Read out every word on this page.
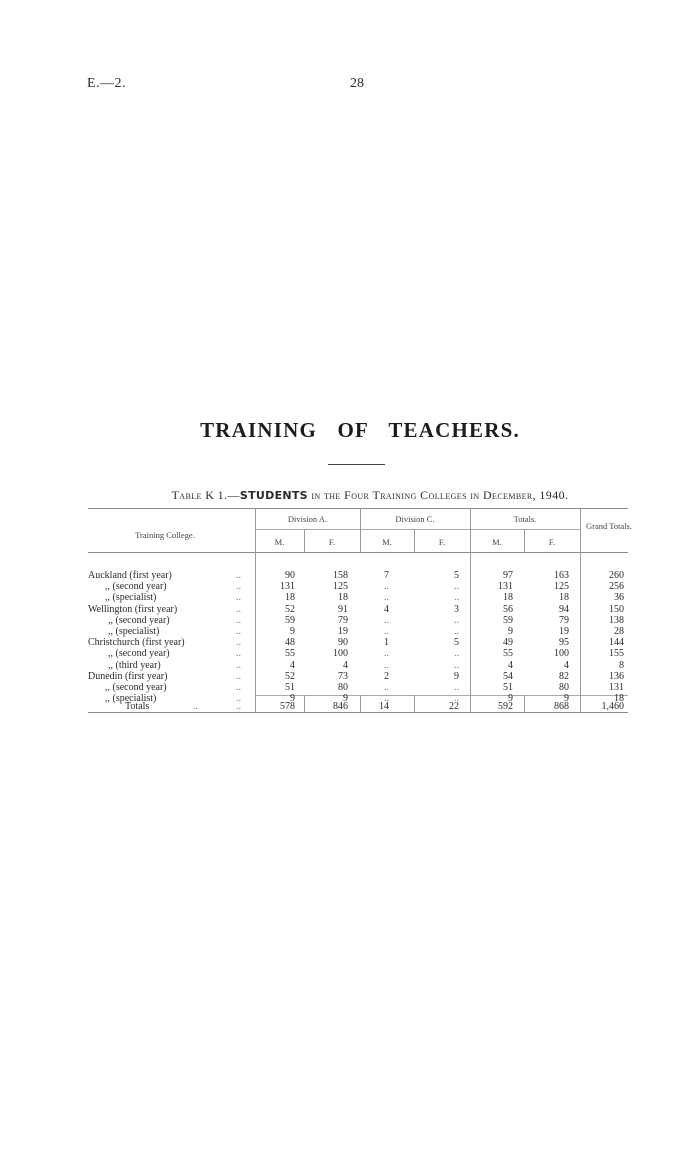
E.—2.	28
TRAINING OF TEACHERS.
Table K 1.—STUDENTS in the Four Training Colleges in December, 1940.
Training College.
Division A.	Division C.	Totals.
Grand Totals.
M.	F.	M.	F.	M.	F.
Auckland (first year)	..	90	158	7	5	97	163	260
,, (second year)	..	131	125	..	..	131	125	256
,, (specialist)	..	18	18	..	..	18	18	36
Wellington (first year)	..	52	91	4	3	56	94	150
,, (second year)	..	59	79	..	..	59	79	138
,, (specialist)	..	9	19	..	..	9	19	28
Christchurch (first year)	..	48	90	1	5	49	95	144
,, (second year)	..	55	100	..	..	55	100	155
,, (third year)	..	4	4	..	..	4	4	8
Dunedin (first year)	..	52	73	2	9	54	82	136
,, (second year)	..	51	80	..	..	51	80	131
,, (specialist)	..	9	9	..	..	9	9	18
Totals	..	..	578	846	14	22	592	868	1,460
